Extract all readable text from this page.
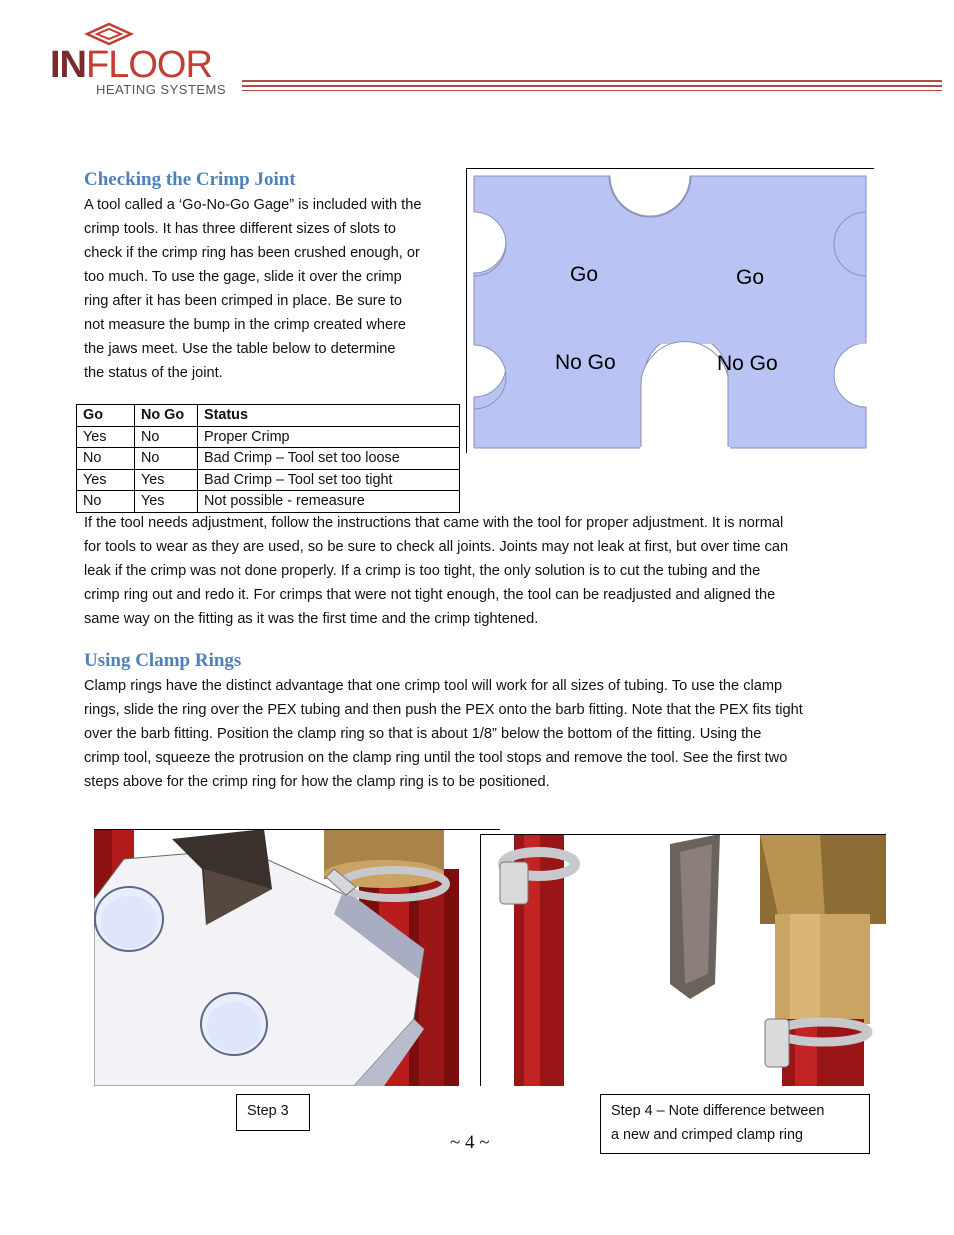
INFLOOR
HEATING SYSTEMS
Checking the Crimp Joint
A tool called a ‘Go-No-Go Gage” is included with the
crimp tools. It has three different sizes of slots to
check if the crimp ring has been crushed enough, or
too much. To use the gage, slide it over the crimp
ring after it has been crimped in place. Be sure to
not measure the bump in the crimp created where
the jaws meet. Use the table below to determine
the status of the joint.
Go	Go
No Go	No Go
Go	No Go	Status
Yes	No	Proper Crimp
No	No	Bad Crimp – Tool set too loose
Yes	Yes	Bad Crimp – Tool set too tight
No	Yes	Not possible - remeasure
If the tool needs adjustment, follow the instructions that came with the tool for proper adjustment. It is normal
for tools to wear as they are used, so be sure to check all joints. Joints may not leak at first, but over time can
leak if the crimp was not done properly. If a crimp is too tight, the only solution is to cut the tubing and the
crimp ring out and redo it. For crimps that were not tight enough, the tool can be readjusted and aligned the
same way on the fitting as it was the first time and the crimp tightened.
Using Clamp Rings
Clamp rings have the distinct advantage that one crimp tool will work for all sizes of tubing. To use the clamp
rings, slide the ring over the PEX tubing and then push the PEX onto the barb fitting. Note that the PEX fits tight
over the barb fitting. Position the clamp ring so that is about 1/8” below the bottom of the fitting. Using the
crimp tool, squeeze the protrusion on the clamp ring until the tool stops and remove the tool. See the first two
steps above for the crimp ring for how the clamp ring is to be positioned.
Step 3	Step 4 – Note difference between
a new and crimped clamp ring
~ 4 ~
